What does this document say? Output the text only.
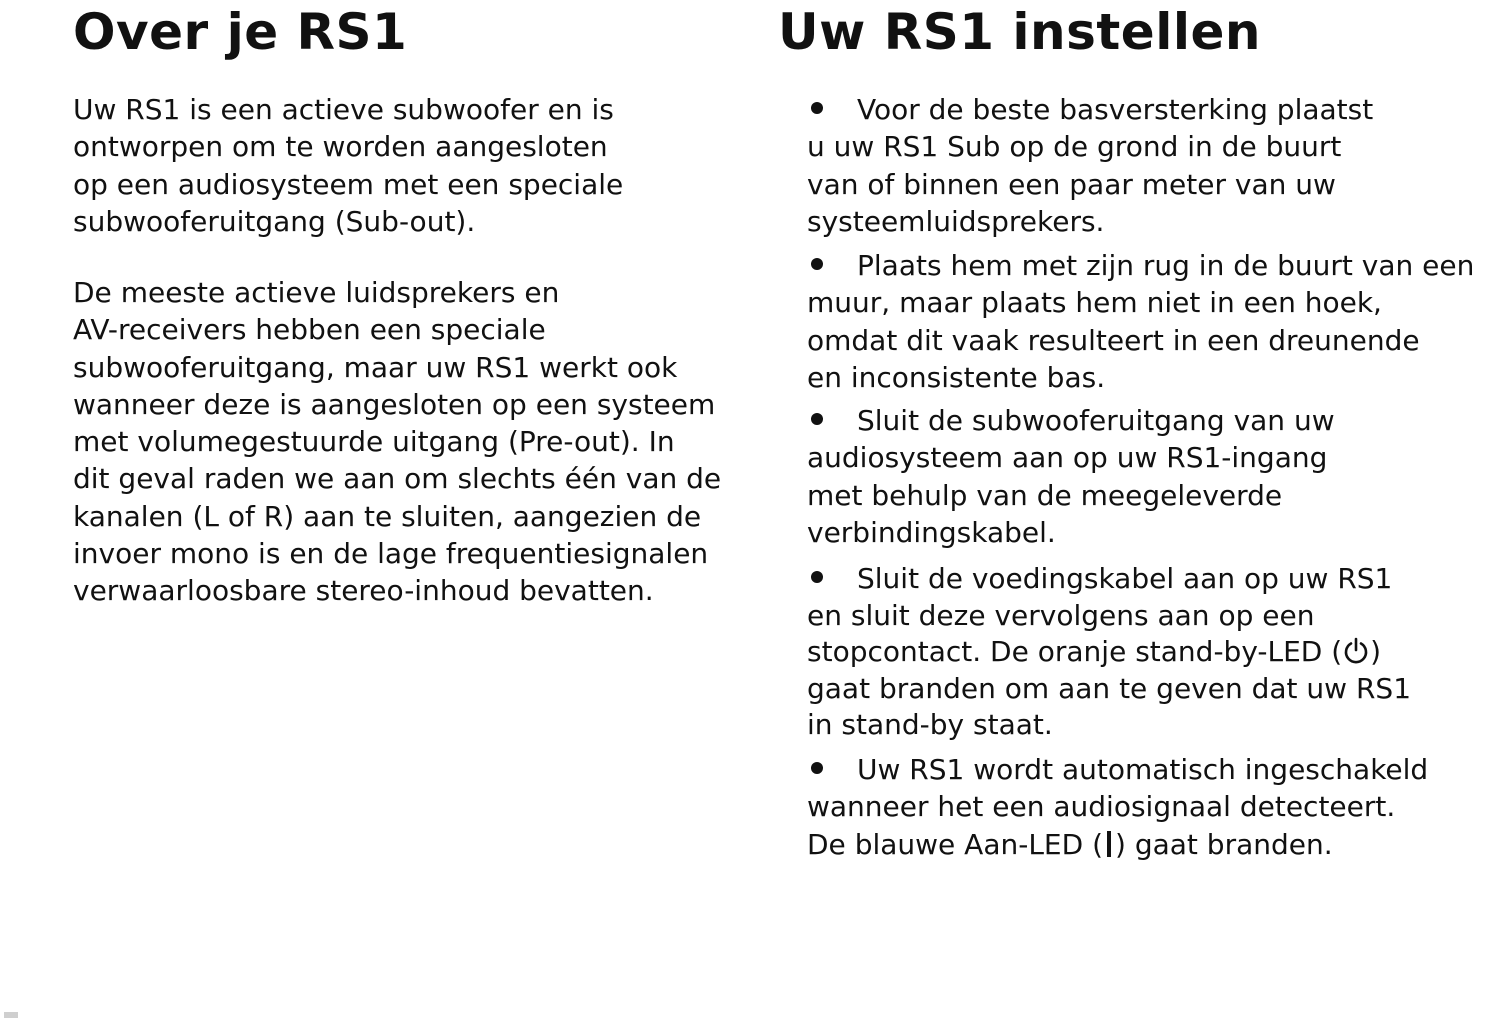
Over je RS1

Uw RS1 is een actieve subwoofer en is
ontworpen om te worden aangesloten
op een audiosysteem met een speciale
subwooferuitgang (Sub-out).

De meeste actieve luidsprekers en
AV-receivers hebben een speciale
subwooferuitgang, maar uw RS1 werkt ook
wanneer deze is aangesloten op een systeem
met volumegestuurde uitgang (Pre-out). In
dit geval raden we aan om slechts één van de
kanalen (L of R) aan te sluiten, aangezien de
invoer mono is en de lage frequentiesignalen
verwaarloosbare stereo-inhoud bevatten.

Uw RS1 instellen
Voor de beste basversterking plaatst
u uw RS1 Sub op de grond in de buurt
van of binnen een paar meter van uw
systeemluidsprekers.
Plaats hem met zijn rug in de buurt van een
muur, maar plaats hem niet in een hoek,
omdat dit vaak resulteert in een dreunende
en inconsistente bas.
Sluit de subwooferuitgang van uw
audiosysteem aan op uw RS1-ingang
met behulp van de meegeleverde
verbindingskabel.
Sluit de voedingskabel aan op uw RS1
en sluit deze vervolgens aan op een
stopcontact. De oranje stand-by-LED ( )
gaat branden om aan te geven dat uw RS1
in stand-by staat.
Uw RS1 wordt automatisch ingeschakeld
wanneer het een audiosignaal detecteert.
De blauwe Aan-LED ( ) gaat branden.
